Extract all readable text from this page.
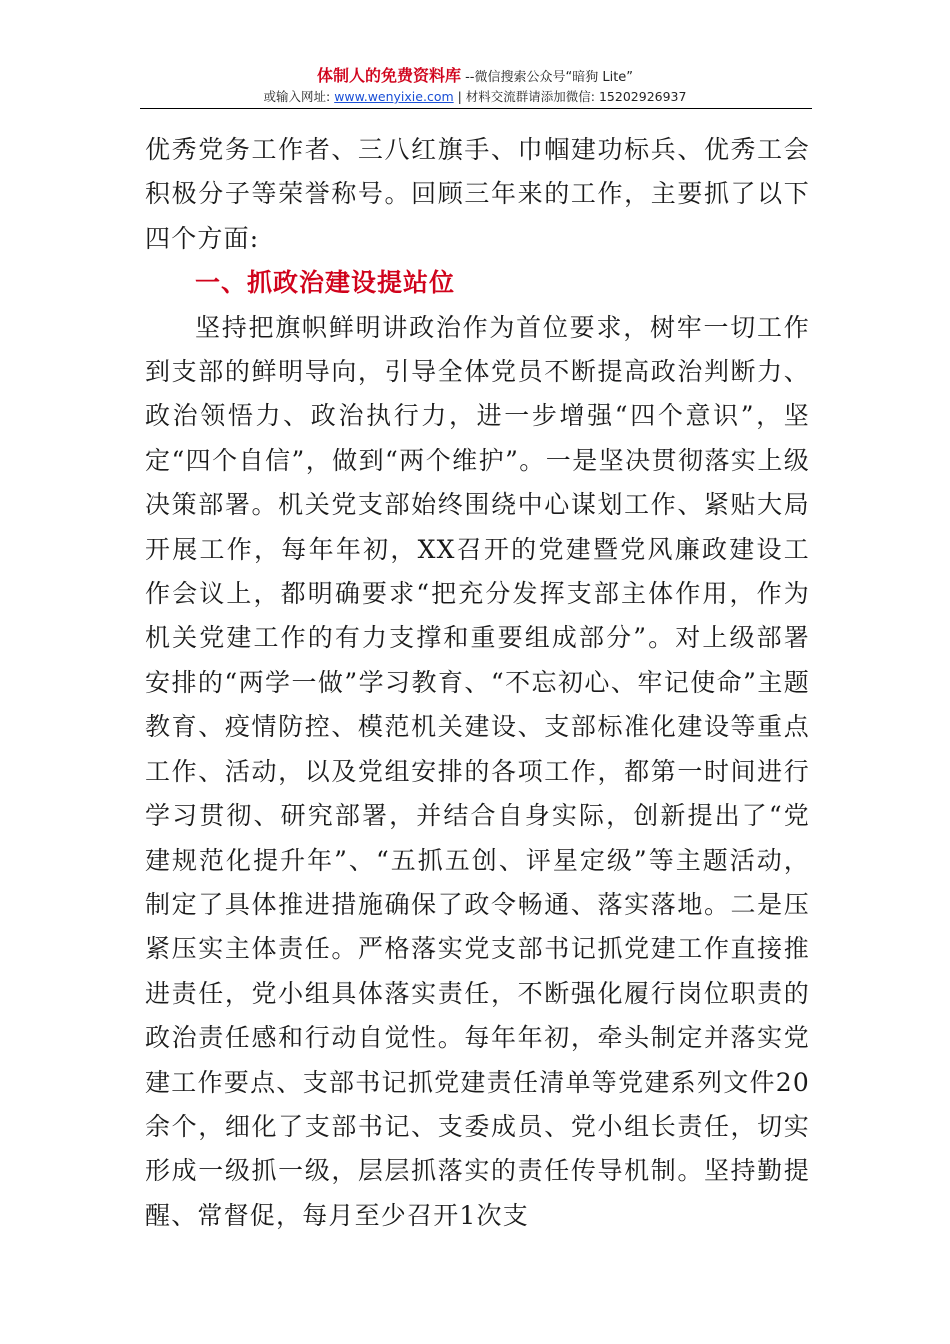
体制人的免费资料库 --微信搜索公众号“暗狗 Lite”
或输入网址: www.wenyixie.com | 材料交流群请添加微信: 15202926937

优秀党务工作者、三八红旗手、巾帼建功标兵、优秀工会积极分子等荣誉称号。回顾三年来的工作，主要抓了以下四个方面:

一、抓政治建设提站位

坚持把旗帜鲜明讲政治作为首位要求，树牢一切工作到支部的鲜明导向，引导全体党员不断提高政治判断力、政治领悟力、政治执行力，进一步增强“四个意识”，坚定“四个自信”，做到“两个维护”。一是坚决贯彻落实上级决策部署。机关党支部始终围绕中心谋划工作、紧贴大局开展工作，每年年初，XX召开的党建暨党风廉政建设工作会议上，都明确要求“把充分发挥支部主体作用，作为机关党建工作的有力支撑和重要组成部分”。对上级部署安排的“两学一做”学习教育、“不忘初心、牢记使命”主题教育、疫情防控、模范机关建设、支部标准化建设等重点工作、活动，以及党组安排的各项工作，都第一时间进行学习贯彻、研究部署，并结合自身实际，创新提出了“党建规范化提升年”、“五抓五创、评星定级”等主题活动，制定了具体推进措施确保了政令畅通、落实落地。二是压紧压实主体责任。严格落实党支部书记抓党建工作直接推进责任，党小组具体落实责任，不断强化履行岗位职责的政治责任感和行动自觉性。每年年初，牵头制定并落实党建工作要点、支部书记抓党建责任清单等党建系列文件20余个，细化了支部书记、支委成员、党小组长责任，切实形成一级抓一级，层层抓落实的责任传导机制。坚持勤提醒、常督促，每月至少召开1次支
